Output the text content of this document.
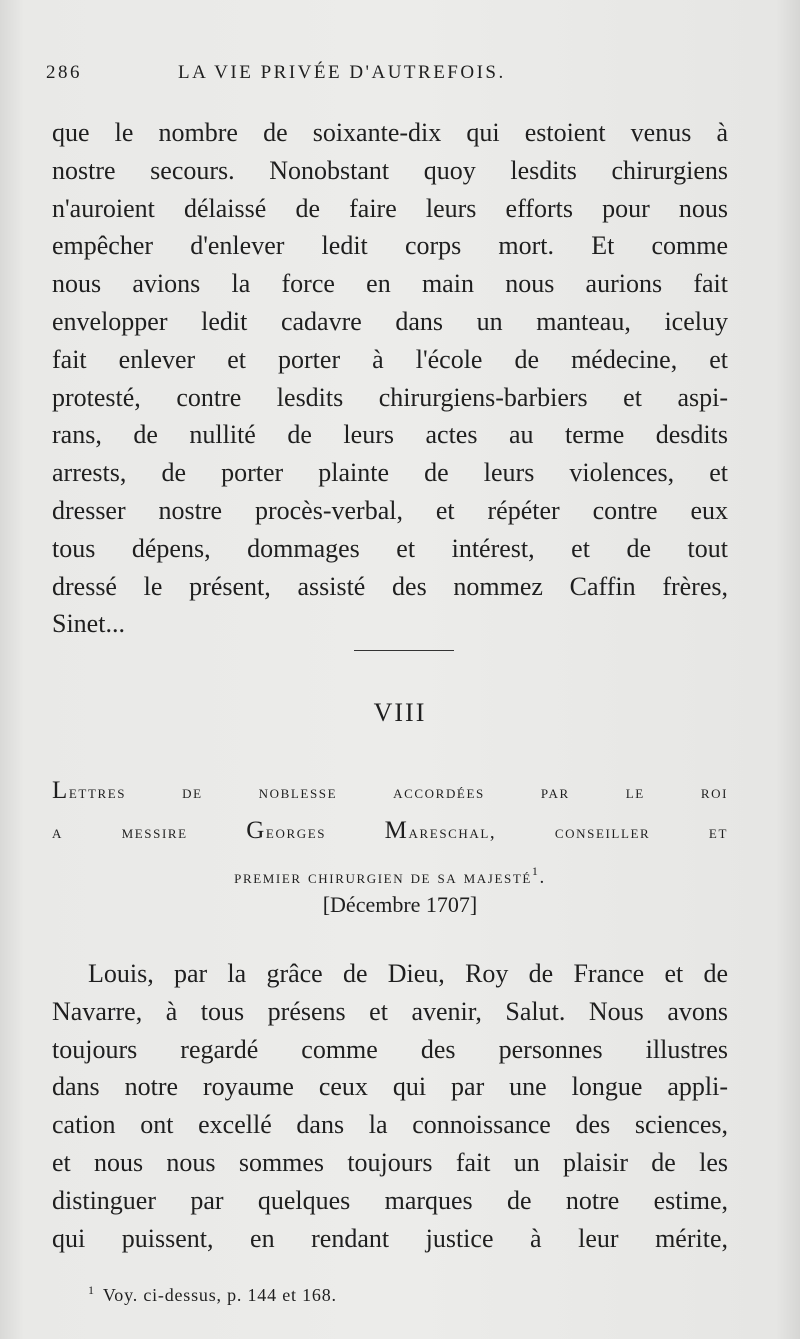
286	LA VIE PRIVÉE D'AUTREFOIS.
que le nombre de soixante-dix qui estoient venus à
nostre secours. Nonobstant quoy lesdits chirurgiens
n'auroient délaissé de faire leurs efforts pour nous
empêcher d'enlever ledit corps mort. Et comme
nous avions la force en main nous aurions fait
envelopper ledit cadavre dans un manteau, iceluy
fait enlever et porter à l'école de médecine, et
protesté, contre lesdits chirurgiens-barbiers et aspi-
rans, de nullité de leurs actes au terme desdits
arrests, de porter plainte de leurs violences, et
dresser nostre procès-verbal, et répéter contre eux
tous dépens, dommages et intérest, et de tout
dressé le présent, assisté des nommez Caffin frères,
Sinet...
VIII
Lettres	de	noblesse	accordées	par	le	roi
a	messire Georges Mareschal,	conseiller	et
premier chirurgien de sa majesté$^1$.
[Décembre 1707]
Louis, par la grâce de Dieu, Roy de France et de
Navarre, à tous présens et avenir, Salut. Nous avons
toujours regardé comme des personnes illustres
dans notre royaume ceux qui par une longue appli-
cation ont excellé dans la connoissance des sciences,
et nous nous sommes toujours fait un plaisir de les
distinguer par quelques marques de notre estime,
qui puissent, en rendant justice à leur mérite,
$^1$ Voy. ci-dessus, p. 144 et 168.
